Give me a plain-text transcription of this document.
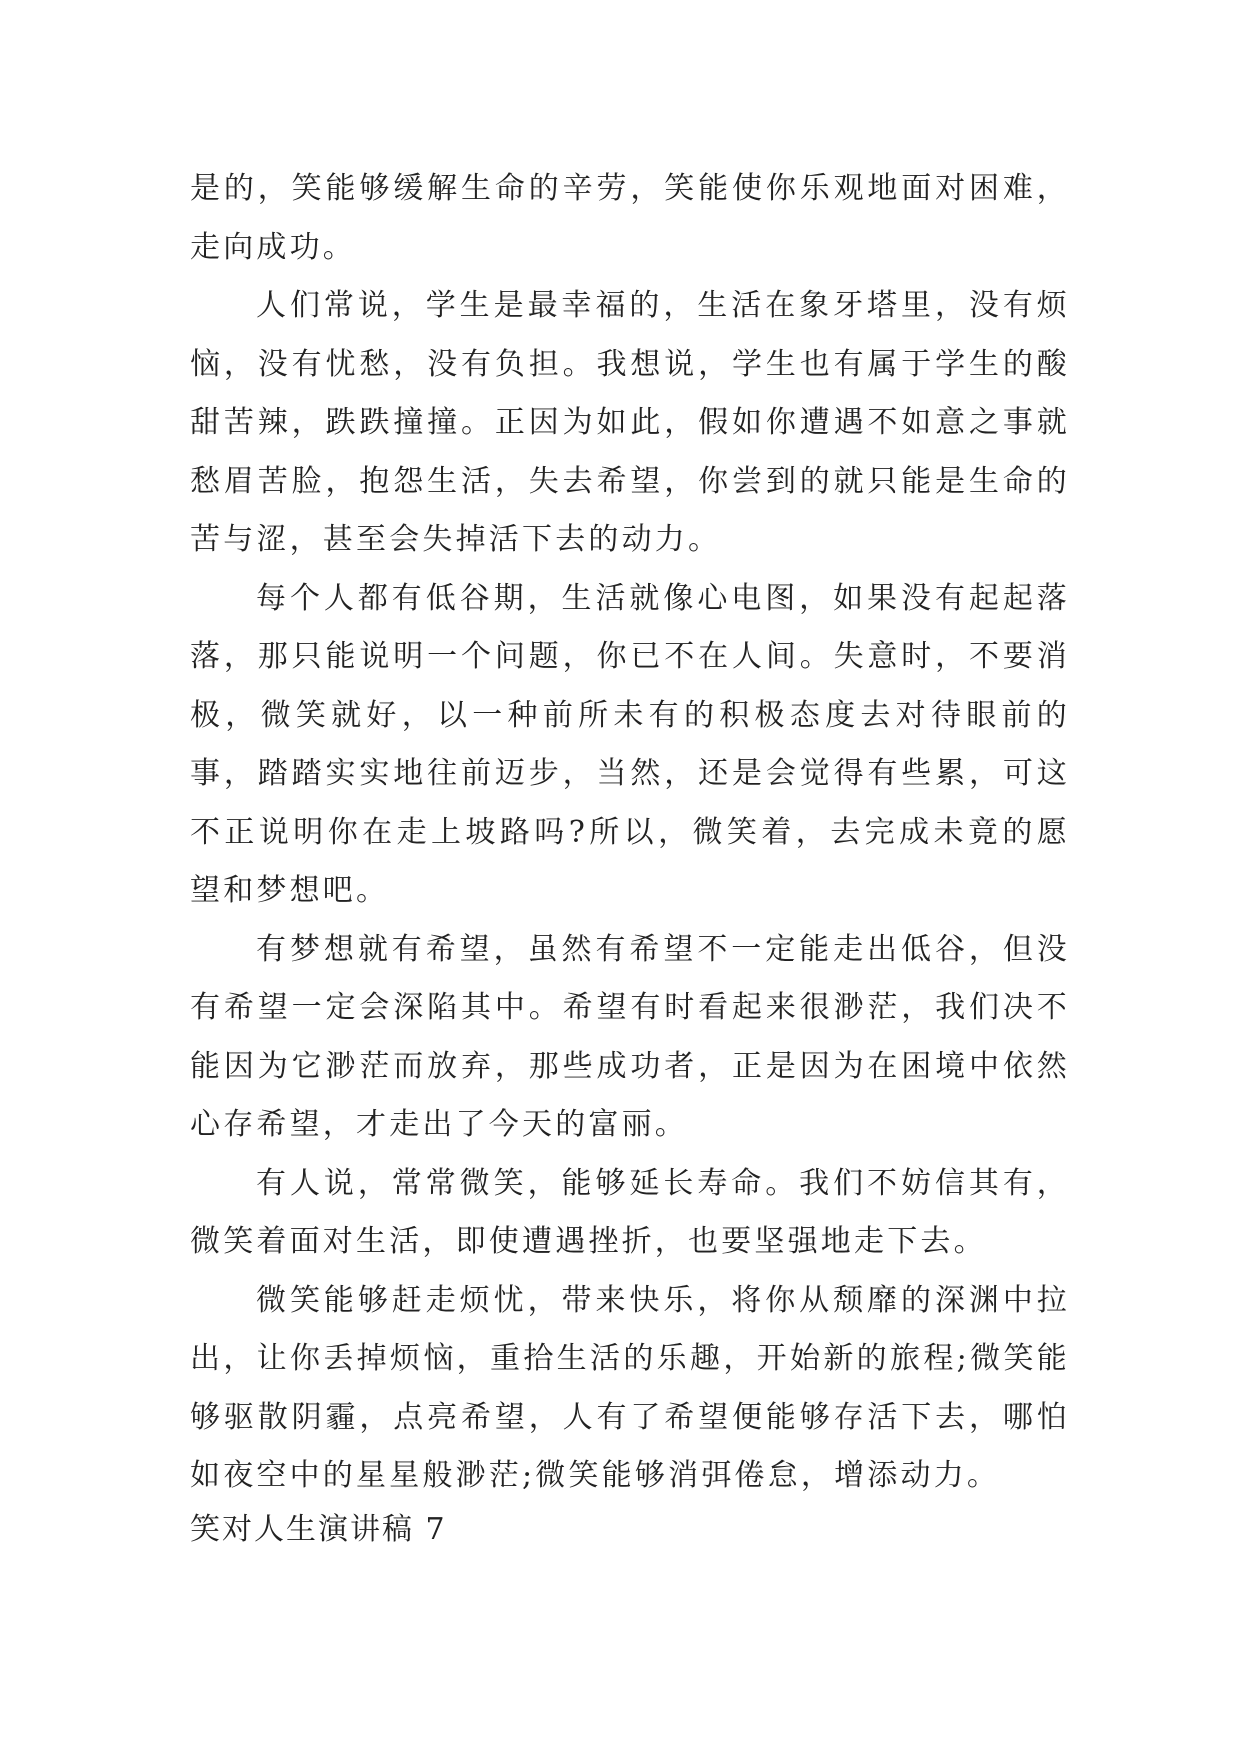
是的，笑能够缓解生命的辛劳，笑能使你乐观地面对困难，走向成功。

人们常说，学生是最幸福的，生活在象牙塔里，没有烦恼，没有忧愁，没有负担。我想说，学生也有属于学生的酸甜苦辣，跌跌撞撞。正因为如此，假如你遭遇不如意之事就愁眉苦脸，抱怨生活，失去希望，你尝到的就只能是生命的苦与涩，甚至会失掉活下去的动力。

每个人都有低谷期，生活就像心电图，如果没有起起落落，那只能说明一个问题，你已不在人间。失意时，不要消极，微笑就好，以一种前所未有的积极态度去对待眼前的事，踏踏实实地往前迈步，当然，还是会觉得有些累，可这不正说明你在走上坡路吗?所以，微笑着，去完成未竟的愿望和梦想吧。

有梦想就有希望，虽然有希望不一定能走出低谷，但没有希望一定会深陷其中。希望有时看起来很渺茫，我们决不能因为它渺茫而放弃，那些成功者，正是因为在困境中依然心存希望，才走出了今天的富丽。

有人说，常常微笑，能够延长寿命。我们不妨信其有，微笑着面对生活，即使遭遇挫折，也要坚强地走下去。

微笑能够赶走烦忧，带来快乐，将你从颓靡的深渊中拉出，让你丢掉烦恼，重拾生活的乐趣，开始新的旅程;微笑能够驱散阴霾，点亮希望，人有了希望便能够存活下去，哪怕如夜空中的星星般渺茫;微笑能够消弭倦怠，增添动力。

笑对人生演讲稿 7
